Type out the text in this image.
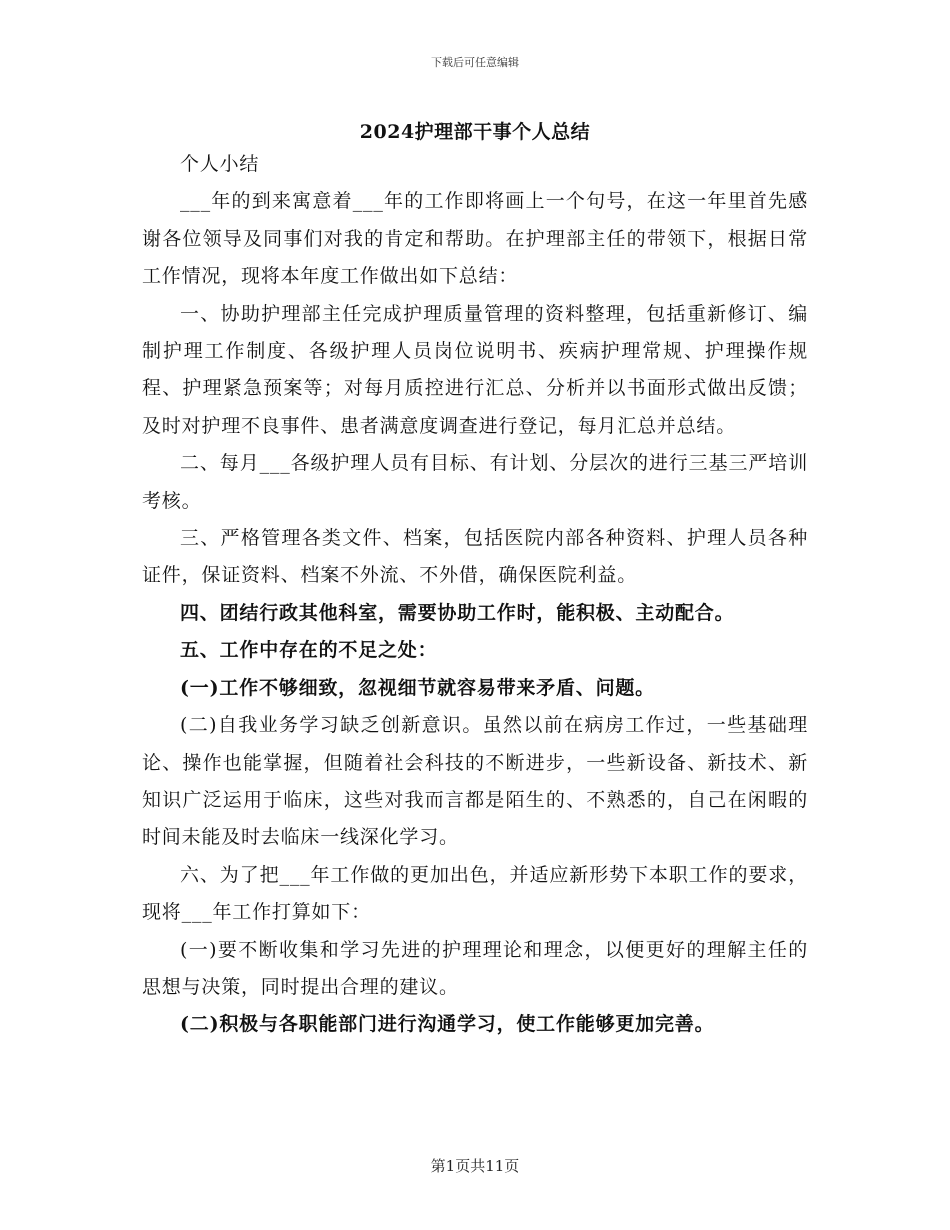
下载后可任意编辑
2024护理部干事个人总结

个人小结

___年的到来寓意着___年的工作即将画上一个句号，在这一年里首先感谢各位领导及同事们对我的肯定和帮助。在护理部主任的带领下，根据日常工作情况，现将本年度工作做出如下总结：

一、协助护理部主任完成护理质量管理的资料整理，包括重新修订、编制护理工作制度、各级护理人员岗位说明书、疾病护理常规、护理操作规程、护理紧急预案等；对每月质控进行汇总、分析并以书面形式做出反馈；及时对护理不良事件、患者满意度调查进行登记，每月汇总并总结。

二、每月___各级护理人员有目标、有计划、分层次的进行三基三严培训考核。

三、严格管理各类文件、档案，包括医院内部各种资料、护理人员各种证件，保证资料、档案不外流、不外借，确保医院利益。

四、团结行政其他科室，需要协助工作时，能积极、主动配合。

五、工作中存在的不足之处：

(一)工作不够细致，忽视细节就容易带来矛盾、问题。

(二)自我业务学习缺乏创新意识。虽然以前在病房工作过，一些基础理论、操作也能掌握，但随着社会科技的不断进步，一些新设备、新技术、新知识广泛运用于临床，这些对我而言都是陌生的、不熟悉的，自己在闲暇的时间未能及时去临床一线深化学习。

六、为了把___年工作做的更加出色，并适应新形势下本职工作的要求，现将___年工作打算如下：

(一)要不断收集和学习先进的护理理论和理念，以便更好的理解主任的思想与决策，同时提出合理的建议。

(二)积极与各职能部门进行沟通学习，使工作能够更加完善。

第1页共11页
